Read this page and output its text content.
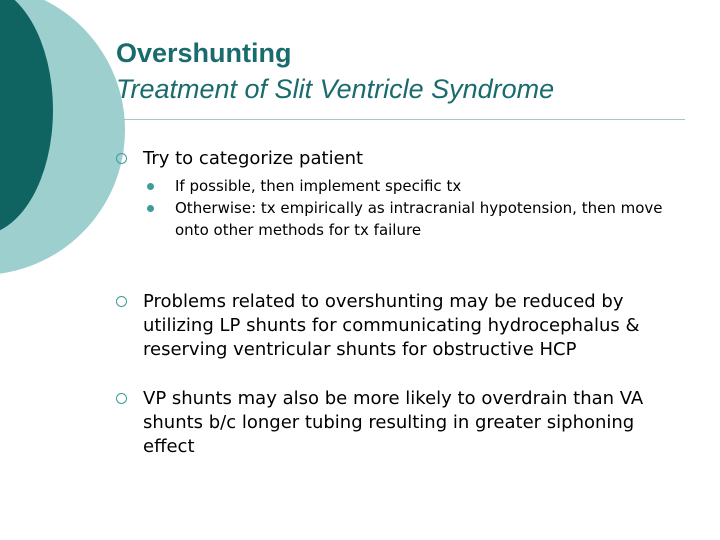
Overshunting
Treatment of Slit Ventricle Syndrome
Try to categorize patient
If possible, then implement specific tx
Otherwise: tx empirically as intracranial hypotension, then move onto other methods for tx failure
Problems related to overshunting may be reduced by utilizing LP shunts for communicating hydrocephalus & reserving ventricular shunts for obstructive HCP
VP shunts may also be more likely to overdrain than VA shunts b/c longer tubing resulting in greater siphoning effect
